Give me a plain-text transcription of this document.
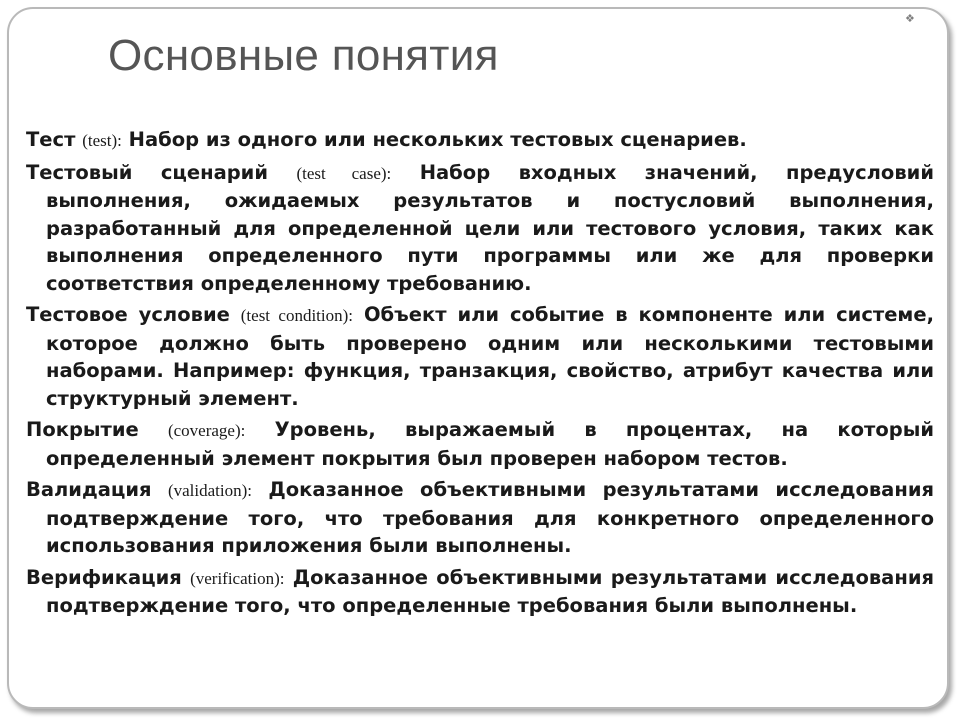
❖
Основные понятия

Тест (test): Набор из одного или нескольких тестовых сценариев.

Тестовый сценарий (test case): Набор входных значений, предусловий выполнения, ожидаемых результатов и постусловий выполнения, разработанный для определенной цели или тестового условия, таких как выполнения определенного пути программы или же для проверки соответствия определенному требованию.

Тестовое условие (test condition): Объект или событие в компоненте или системе, которое должно быть проверено одним или несколькими тестовыми наборами. Например: функция, транзакция, свойство, атрибут качества или структурный элемент.

Покрытие (coverage): Уровень, выражаемый в процентах, на который определенный элемент покрытия был проверен набором тестов.

Валидация (validation): Доказанное объективными результатами исследования подтверждение того, что требования для конкретного определенного использования приложения были выполнены.

Верификация (verification): Доказанное объективными результатами исследования подтверждение того, что определенные требования были выполнены.
